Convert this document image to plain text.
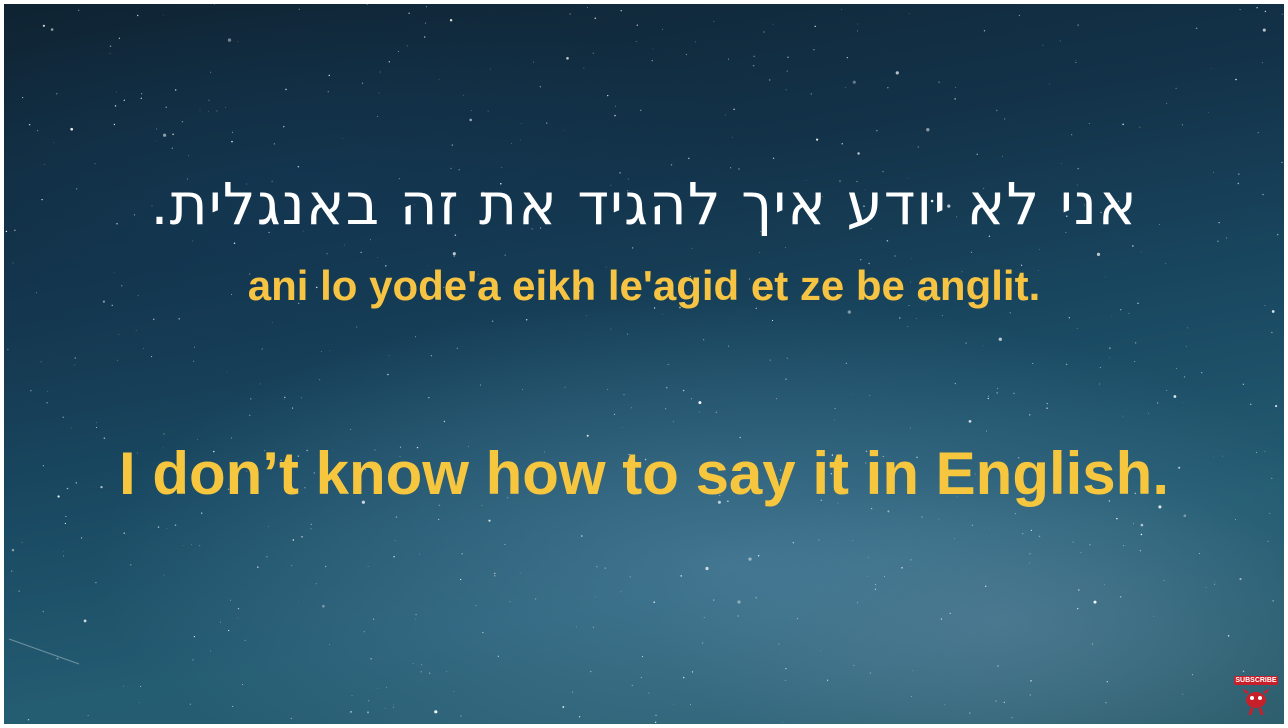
אני לא יודע איך להגיד את זה באנגלית.
ani lo yode'a eikh le'agid et ze be anglit.
I don’t know how to say it in English.
SUBSCRIBE
